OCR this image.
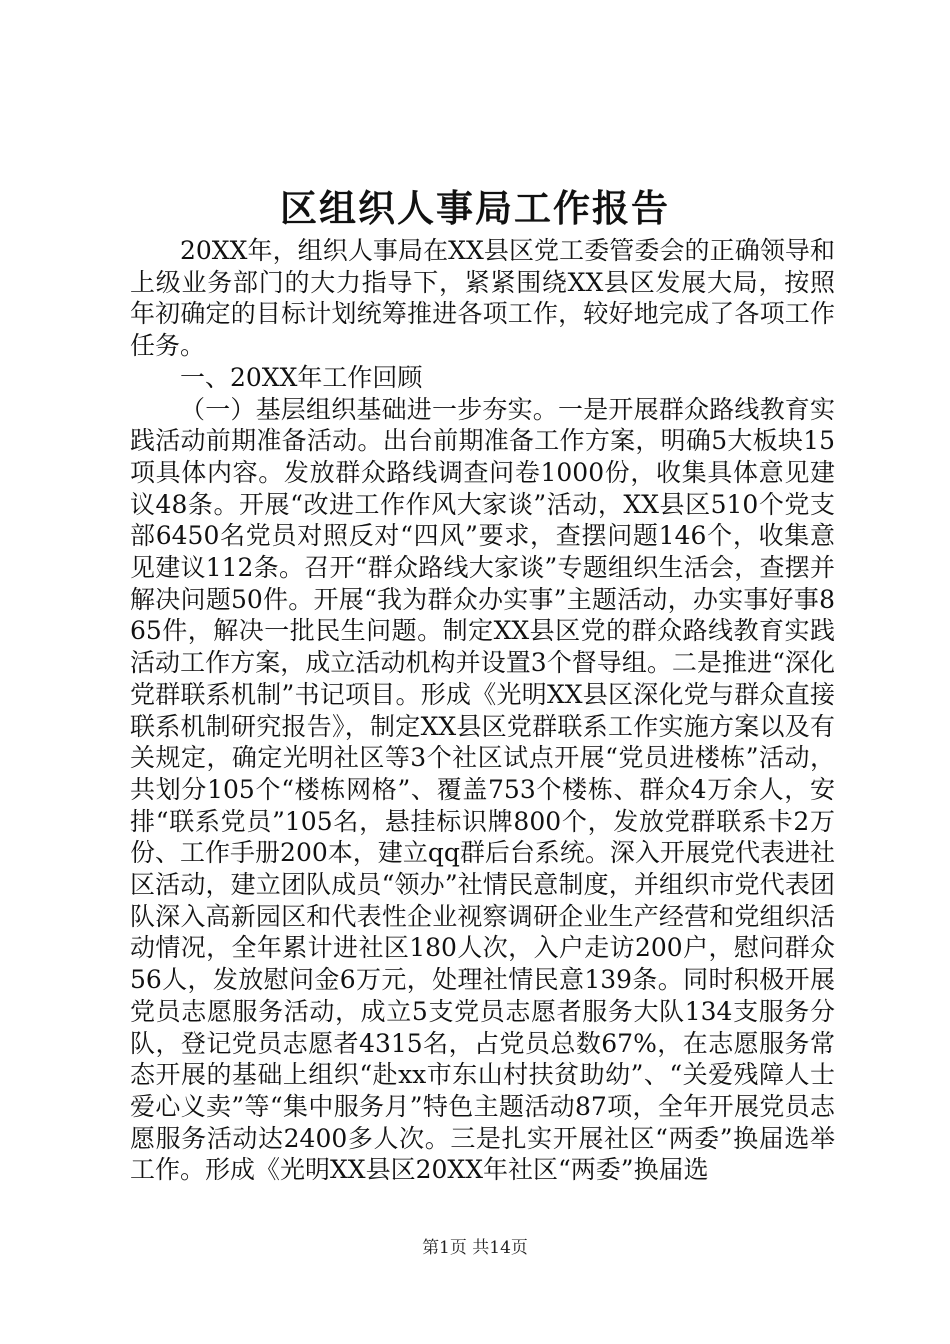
区组织人事局工作报告

20XX年，组织人事局在XX县区党工委管委会的正确领导和上级业务部门的大力指导下，紧紧围绕XX县区发展大局，按照年初确定的目标计划统筹推进各项工作，较好地完成了各项工作任务。

一、20XX年工作回顾

（一）基层组织基础进一步夯实。一是开展群众路线教育实践活动前期准备活动。出台前期准备工作方案，明确5大板块15项具体内容。发放群众路线调查问卷1000份，收集具体意见建议48条。开展“改进工作作风大家谈”活动，XX县区510个党支部6450名党员对照反对“四风”要求，查摆问题146个，收集意见建议112条。召开“群众路线大家谈”专题组织生活会，查摆并解决问题50件。开展“我为群众办实事”主题活动，办实事好事865件，解决一批民生问题。制定XX县区党的群众路线教育实践活动工作方案，成立活动机构并设置3个督导组。二是推进“深化党群联系机制”书记项目。形成《光明XX县区深化党与群众直接联系机制研究报告》，制定XX县区党群联系工作实施方案以及有关规定，确定光明社区等3个社区试点开展“党员进楼栋”活动，共划分105个“楼栋网格”、覆盖753个楼栋、群众4万余人，安排“联系党员”105名，悬挂标识牌800个，发放党群联系卡2万份、工作手册200本，建立qq群后台系统。深入开展党代表进社区活动，建立团队成员“领办”社情民意制度，并组织市党代表团队深入高新园区和代表性企业视察调研企业生产经营和党组织活动情况，全年累计进社区180人次，入户走访200户，慰问群众56人，发放慰问金6万元，处理社情民意139条。同时积极开展党员志愿服务活动，成立5支党员志愿者服务大队134支服务分队，登记党员志愿者4315名，占党员总数67%，在志愿服务常态开展的基础上组织“赴xx市东山村扶贫助幼”、“关爱残障人士爱心义卖”等“集中服务月”特色主题活动87项，全年开展党员志愿服务活动达2400多人次。三是扎实开展社区“两委”换届选举工作。形成《光明XX县区20XX年社区“两委”换届选

第1页 共14页
